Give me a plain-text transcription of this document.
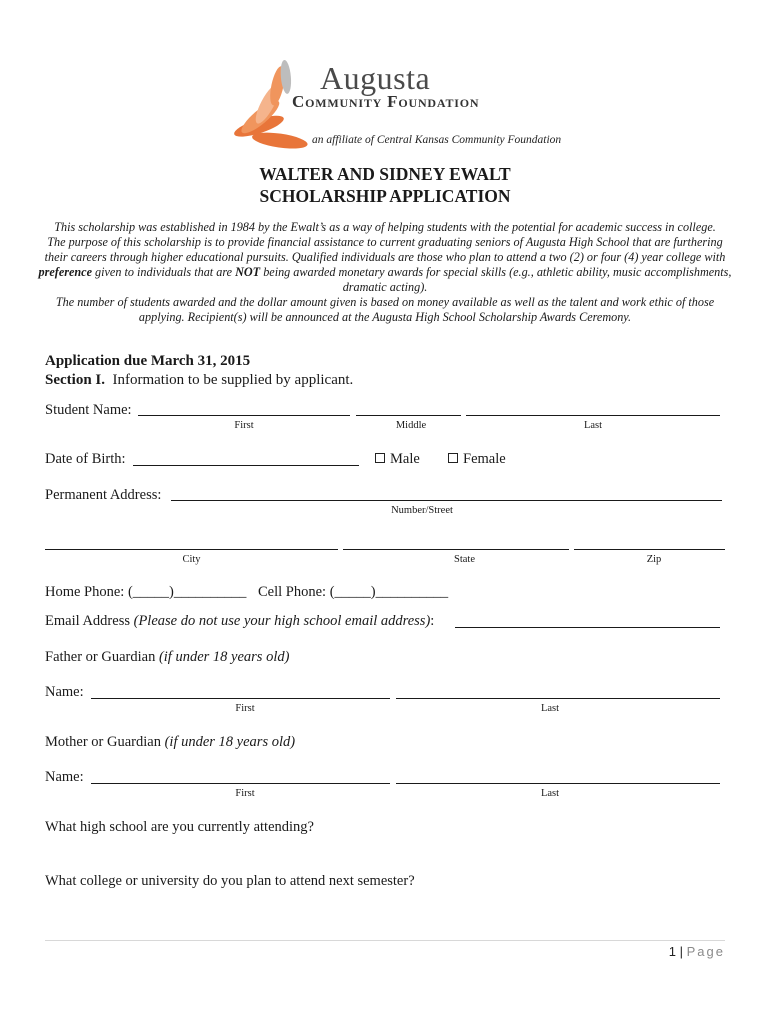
Augusta
Community Foundation
an affiliate of Central Kansas Community Foundation
WALTER AND SIDNEY EWALT
SCHOLARSHIP APPLICATION

This scholarship was established in 1984 by the Ewalt’s as a way of helping students with the potential for academic success in college.

The purpose of this scholarship is to provide financial assistance to current graduating seniors of Augusta High School that are furthering their careers through higher educational pursuits. Qualified individuals are those who plan to attend a two (2) or four (4) year college with preference given to individuals that are NOT being awarded monetary awards for special skills (e.g., athletic ability, music accomplishments, dramatic acting).

The number of students awarded and the dollar amount given is based on money available as well as the talent and work ethic of those applying. Recipient(s) will be announced at the Augusta High School Scholarship Awards Ceremony.

Application due March 31, 2015
Section I. Information to be supplied by applicant.
Student Name:
First	Middle	Last
Date of Birth:	Male	Female
Permanent Address:
Number/Street
City	State	Zip
Home Phone: (_____)__________ Cell Phone: (_____)__________
Email Address (Please do not use your high school email address):
Father or Guardian (if under 18 years old)
Name:
First	Last
Mother or Guardian (if under 18 years old)
Name:
First	Last
What high school are you currently attending?
What college or university do you plan to attend next semester?
1 | Page
